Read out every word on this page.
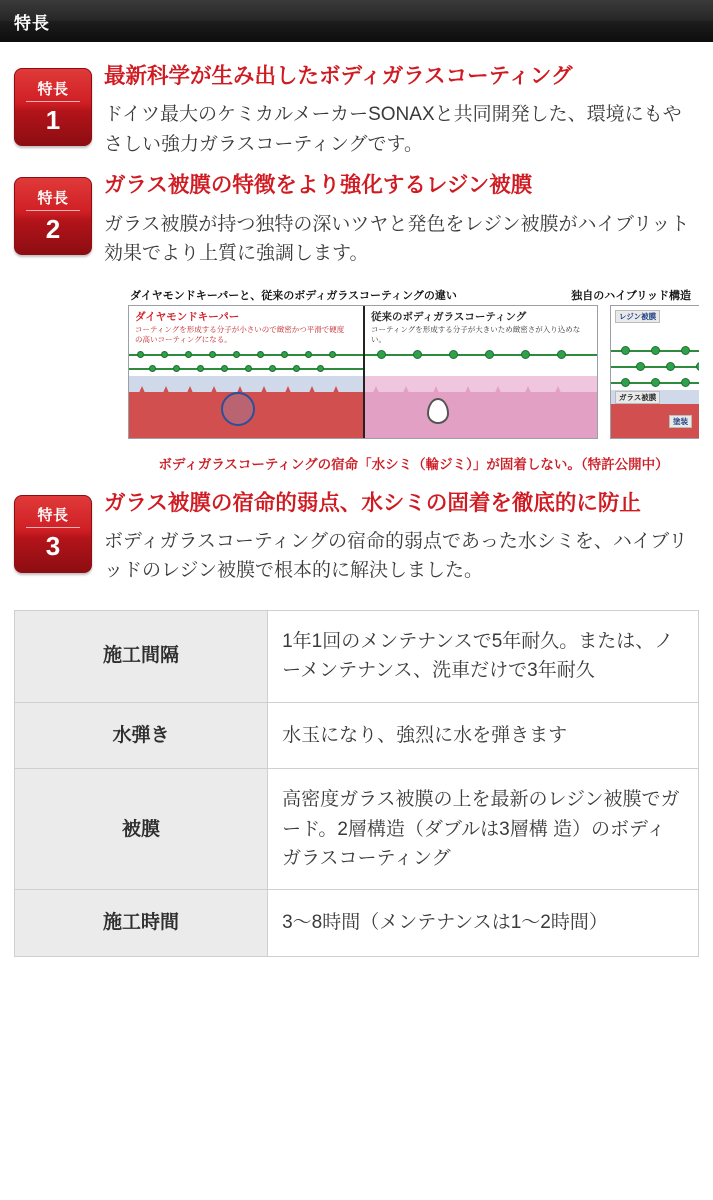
特長
特長
1
最新科学が生み出したボディガラスコーティング

ドイツ最大のケミカルメーカーSONAXと共同開発した、環境にもやさしい強力ガラスコーティングです。

特長
2
ガラス被膜の特徴をより強化するレジン被膜

ガラス被膜が持つ独特の深いツヤと発色をレジン被膜がハイブリット効果でより上質に強調します。

ダイヤモンドキーパーと、従来のボディガラスコーティングの違い	独自のハイブリッド構造
ダイヤモンドキーパー
コーティングを形成する分子が小さいので緻密かつ平滑で硬度の高いコーティングになる。
従来のボディガラスコーティング
コーティングを形成する分子が大きいため緻密さが入り込めない。
レジン被膜
ガラス被膜
塗装
ボディガラスコーティングの宿命「水シミ（輪ジミ）」が固着しない。（特許公開中）
特長
3
ガラス被膜の宿命的弱点、水シミの固着を徹底的に防止

ボディガラスコーティングの宿命的弱点であった水シミを、ハイブリッドのレジン被膜で根本的に解決しました。

施工間隔	1年1回のメンテナンスで5年耐久。または、ノーメンテナンス、洗車だけで3年耐久
水弾き	水玉になり、強烈に水を弾きます
被膜	高密度ガラス被膜の上を最新のレジン被膜でガード。2層構造（ダブルは3層構 造）のボディガラスコーティング
施工時間	3〜8時間（メンテナンスは1〜2時間）
